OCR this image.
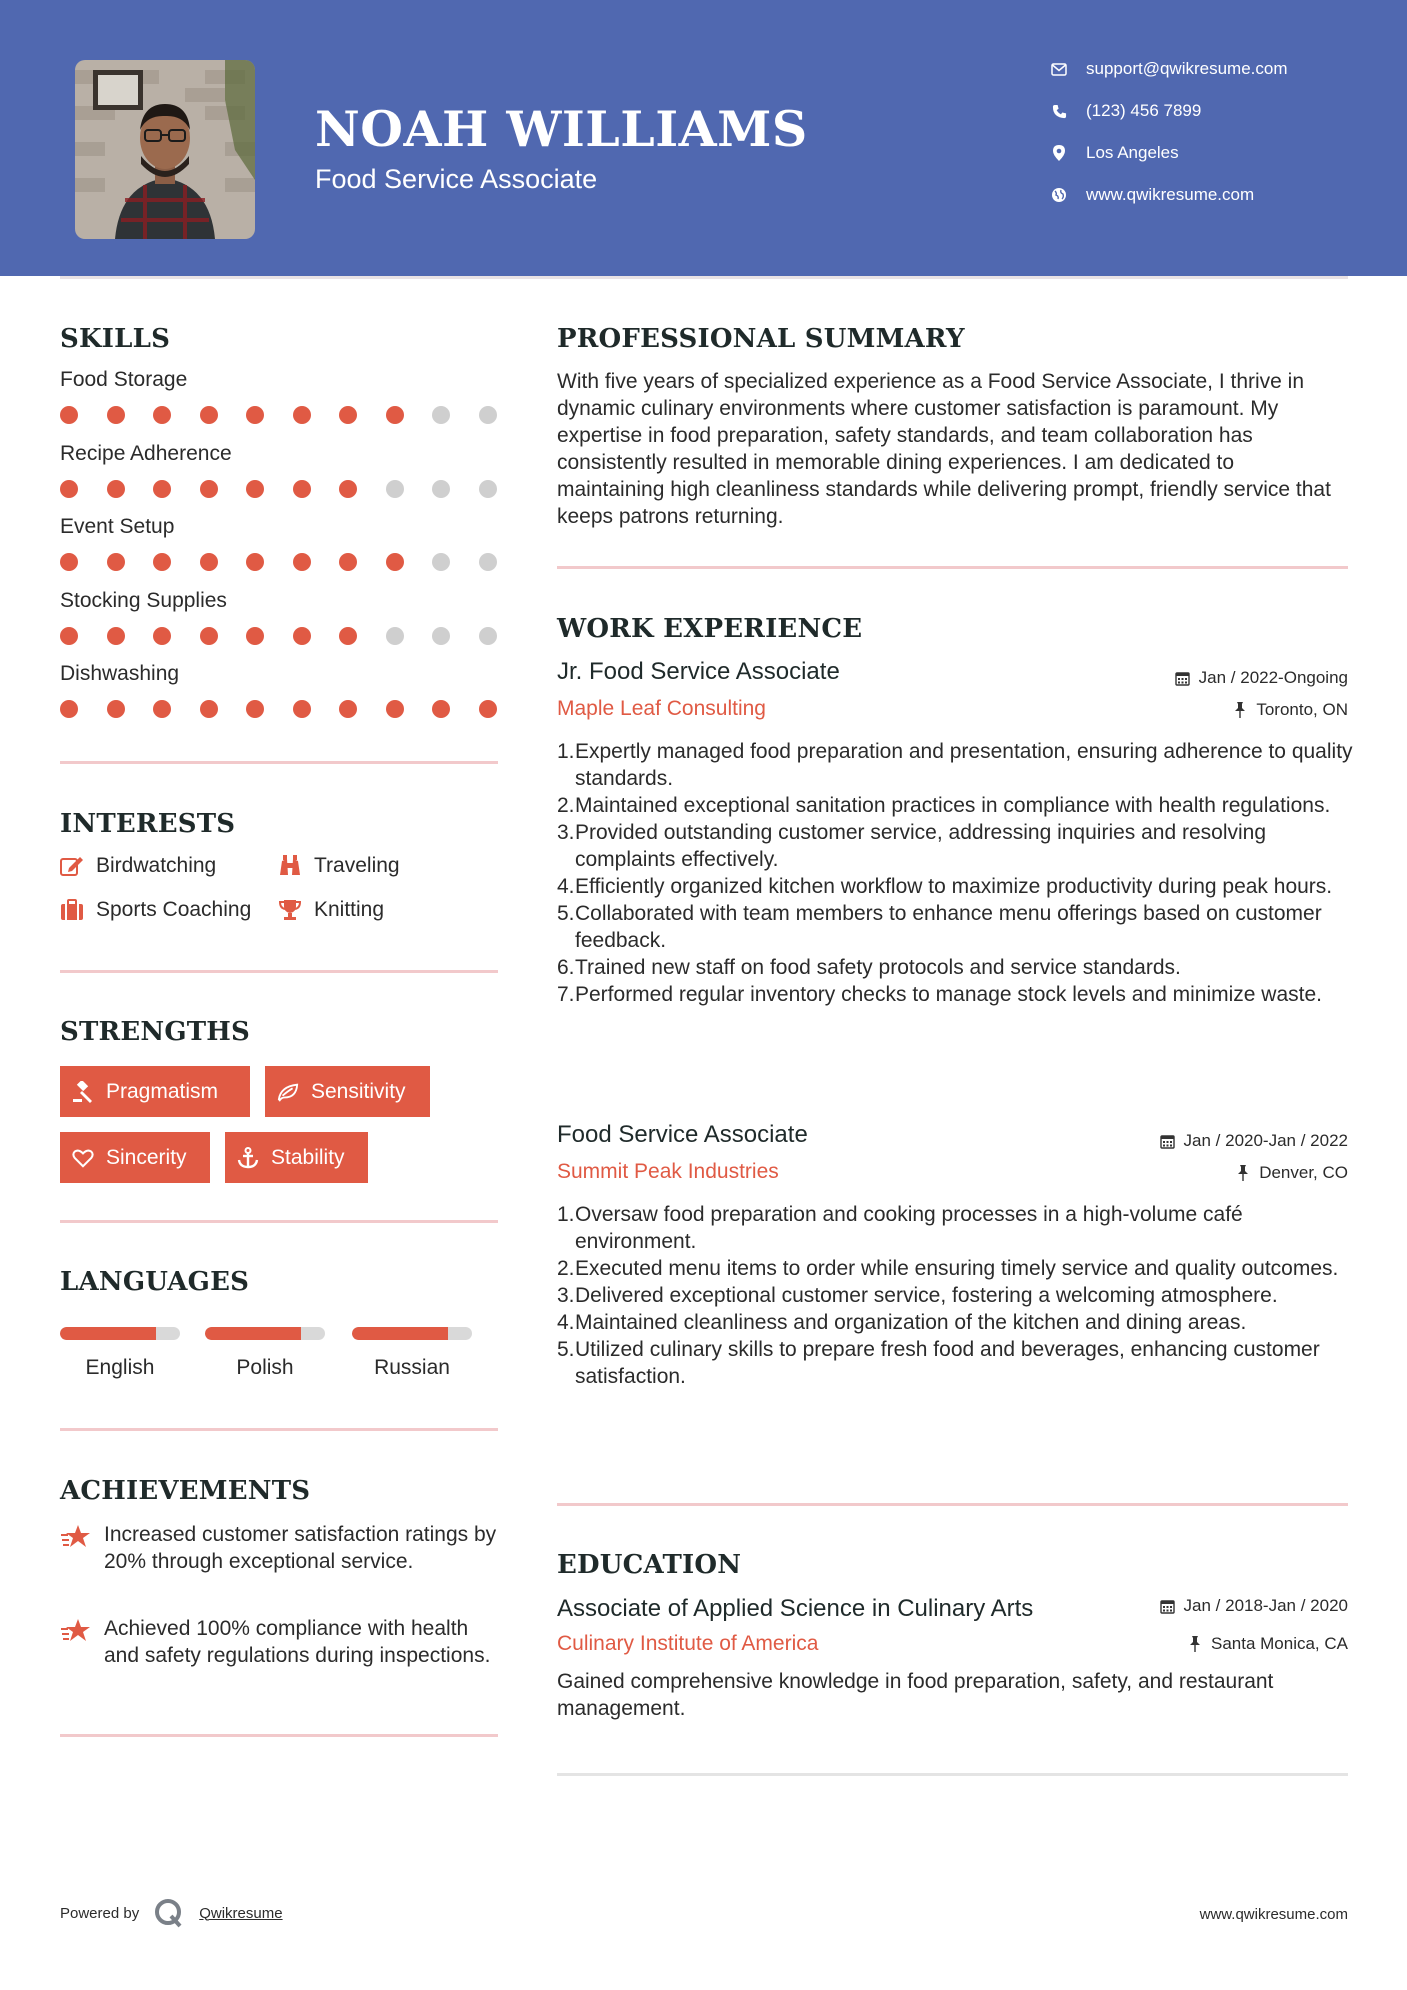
NOAH WILLIAMS
Food Service Associate
support@qwikresume.com
(123) 456 7899
Los Angeles
www.qwikresume.com
SKILLS
Food Storage
Recipe Adherence
Event Setup
Stocking Supplies
Dishwashing
INTERESTS
Birdwatching	Traveling
Sports Coaching	Knitting
STRENGTHS
Pragmatism	Sensitivity
Sincerity	Stability
LANGUAGES
English	Polish	Russian
ACHIEVEMENTS
Increased customer satisfaction ratings by 20% through exceptional service.
Achieved 100% compliance with health and safety regulations during inspections.
PROFESSIONAL SUMMARY
With five years of specialized experience as a Food Service Associate, I thrive in dynamic culinary environments where customer satisfaction is paramount. My expertise in food preparation, safety standards, and team collaboration has consistently resulted in memorable dining experiences. I am dedicated to maintaining high cleanliness standards while delivering prompt, friendly service that keeps patrons returning.
WORK EXPERIENCE
Jr. Food Service Associate	Jan / 2022-Ongoing
Maple Leaf Consulting	Toronto, ON
1. Expertly managed food preparation and presentation, ensuring adherence to quality standards.
2. Maintained exceptional sanitation practices in compliance with health regulations.
3. Provided outstanding customer service, addressing inquiries and resolving complaints effectively.
4. Efficiently organized kitchen workflow to maximize productivity during peak hours.
5. Collaborated with team members to enhance menu offerings based on customer feedback.
6. Trained new staff on food safety protocols and service standards.
7. Performed regular inventory checks to manage stock levels and minimize waste.
Food Service Associate	Jan / 2020-Jan / 2022
Summit Peak Industries	Denver, CO
1. Oversaw food preparation and cooking processes in a high-volume café environment.
2. Executed menu items to order while ensuring timely service and quality outcomes.
3. Delivered exceptional customer service, fostering a welcoming atmosphere.
4. Maintained cleanliness and organization of the kitchen and dining areas.
5. Utilized culinary skills to prepare fresh food and beverages, enhancing customer satisfaction.
EDUCATION
Associate of Applied Science in Culinary Arts	Jan / 2018-Jan / 2020
Culinary Institute of America	Santa Monica, CA
Gained comprehensive knowledge in food preparation, safety, and restaurant management.
Powered by	Qwikresume	www.qwikresume.com
